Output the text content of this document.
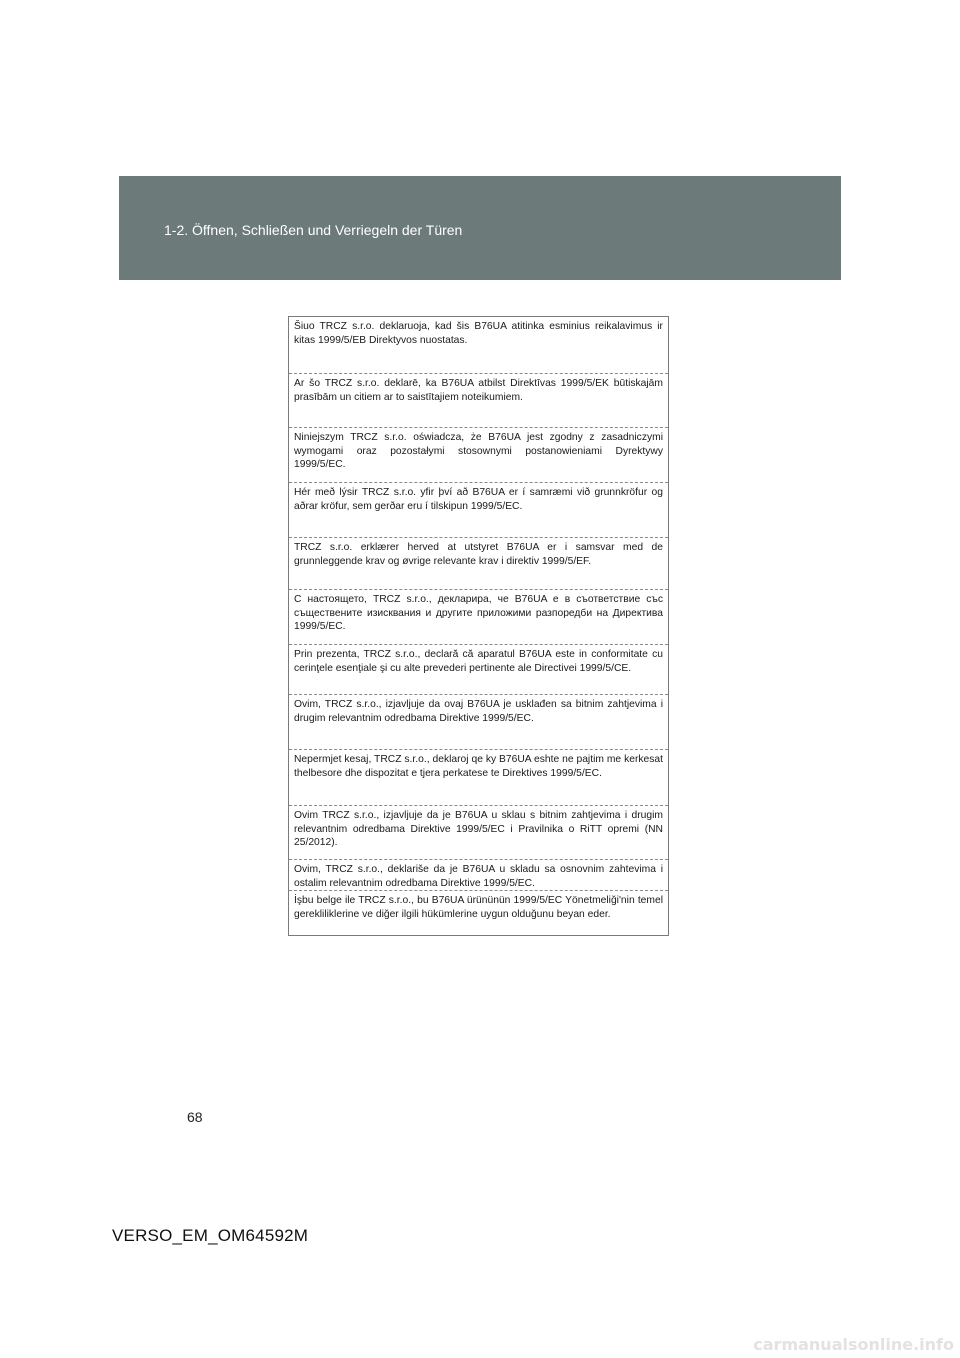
1-2. Öffnen, Schließen und Verriegeln der Türen
Šiuo TRCZ s.r.o. deklaruoja, kad šis B76UA atitinka esminius reikalavimus ir kitas 1999/5/EB Direktyvos nuostatas.
Ar šo TRCZ s.r.o. deklarē, ka B76UA atbilst Direktīvas 1999/5/EK būtiskajām prasībām un citiem ar to saistītajiem noteikumiem.
Niniejszym TRCZ s.r.o. oświadcza, że B76UA jest zgodny z zasadniczymi wymogami oraz pozostałymi stosownymi postanowieniami Dyrektywy 1999/5/EC.
Hér með lýsir TRCZ s.r.o. yfir því að B76UA er í samræmi við grunnkröfur og aðrar kröfur, sem gerðar eru í tilskipun 1999/5/EC.
TRCZ s.r.o. erklærer herved at utstyret B76UA er i samsvar med de grunnleggende krav og øvrige relevante krav i direktiv 1999/5/EF.
С настоящето, TRCZ s.r.o., декларира, че B76UA е в съответствие със съществените изисквания и другите приложими разпоредби на Директива 1999/5/ЕС.
Prin prezenta, TRCZ s.r.o., declară că aparatul B76UA este in conformitate cu cerinţele esenţiale şi cu alte prevederi pertinente ale Directivei 1999/5/CE.
Ovim, TRCZ s.r.o., izjavljuje da ovaj B76UA je usklađen sa bitnim zahtjevima i drugim relevantnim odredbama Direktive 1999/5/EC.
Nepermjet kesaj, TRCZ s.r.o., deklaroj qe ky B76UA eshte ne pajtim me kerkesat thelbesore dhe dispozitat e tjera perkatese te Direktives 1999/5/EC.
Ovim TRCZ s.r.o., izjavljuje da je B76UA u sklau s bitnim zahtjevima i drugim relevantnim odredbama Direktive 1999/5/EC i Pravilnika o RiTT opremi (NN 25/2012).
Ovim, TRCZ s.r.o., deklariše da je B76UA u skladu sa osnovnim zahtevima i ostalim relevantnim odredbama Direktive 1999/5/EC.
İşbu belge ile TRCZ s.r.o., bu B76UA ürününün 1999/5/EC Yönetmeliği'nin temel gerekliliklerine ve diğer ilgili hükümlerine uygun olduğunu beyan eder.
68
VERSO_EM_OM64592M
carmanualsonline.info
